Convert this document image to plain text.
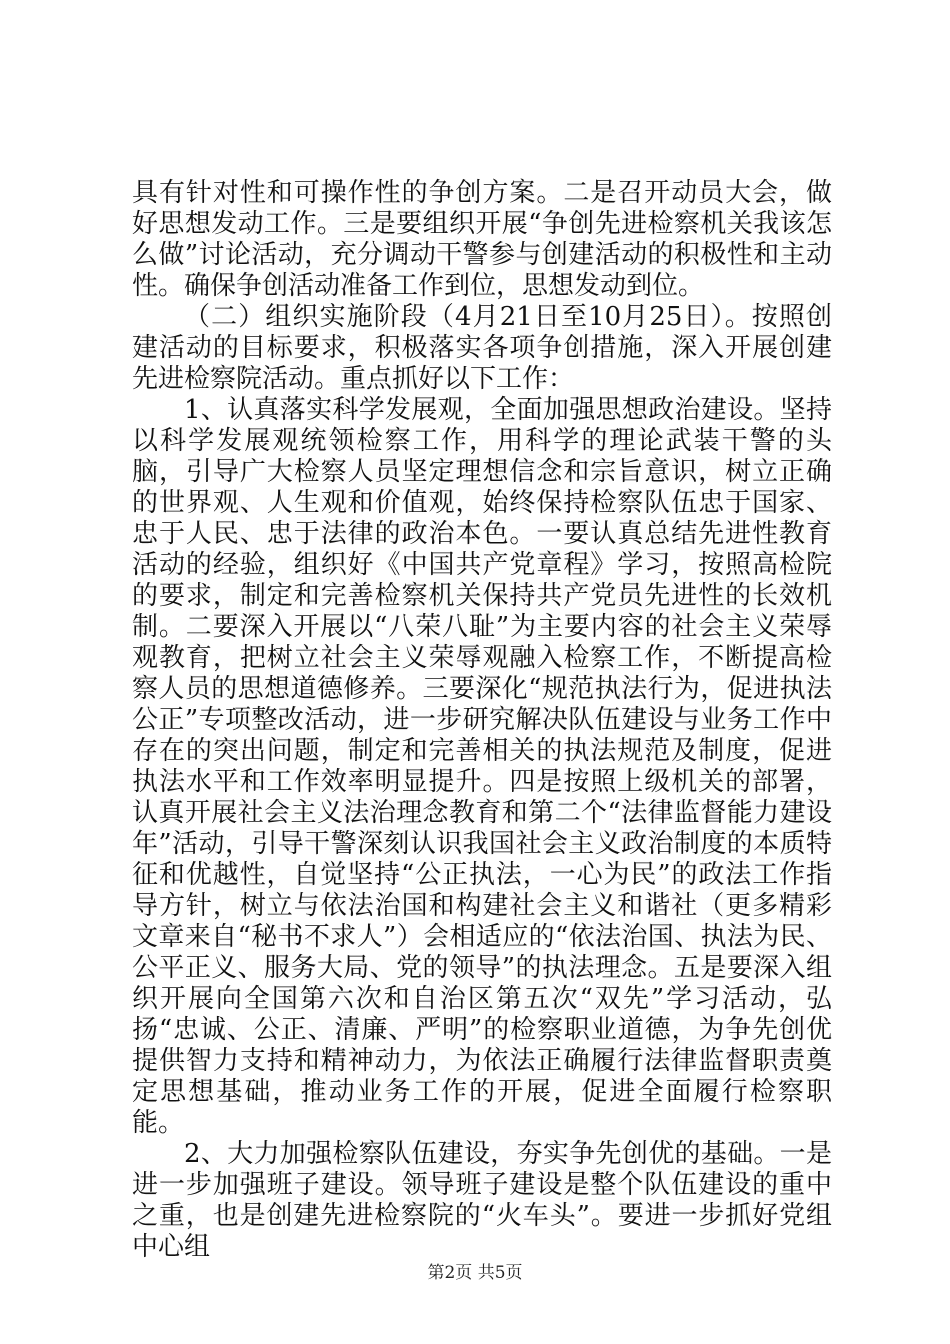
具有针对性和可操作性的争创方案。二是召开动员大会，做好思想发动工作。三是要组织开展“争创先进检察机关我该怎么做”讨论活动，充分调动干警参与创建活动的积极性和主动性。确保争创活动准备工作到位，思想发动到位。

（二）组织实施阶段（4月21日至10月25日）。按照创建活动的目标要求，积极落实各项争创措施，深入开展创建先进检察院活动。重点抓好以下工作：

1、认真落实科学发展观，全面加强思想政治建设。坚持以科学发展观统领检察工作，用科学的理论武装干警的头脑，引导广大检察人员坚定理想信念和宗旨意识，树立正确的世界观、人生观和价值观，始终保持检察队伍忠于国家、忠于人民、忠于法律的政治本色。一要认真总结先进性教育活动的经验，组织好《中国共产党章程》学习，按照高检院的要求，制定和完善检察机关保持共产党员先进性的长效机制。二要深入开展以“八荣八耻”为主要内容的社会主义荣辱观教育，把树立社会主义荣辱观融入检察工作，不断提高检察人员的思想道德修养。三要深化“规范执法行为，促进执法公正”专项整改活动，进一步研究解决队伍建设与业务工作中存在的突出问题，制定和完善相关的执法规范及制度，促进执法水平和工作效率明显提升。四是按照上级机关的部署，认真开展社会主义法治理念教育和第二个“法律监督能力建设年”活动，引导干警深刻认识我国社会主义政治制度的本质特征和优越性，自觉坚持“公正执法，一心为民”的政法工作指导方针，树立与依法治国和构建社会主义和谐社（更多精彩文章来自“秘书不求人”）会相适应的“依法治国、执法为民、公平正义、服务大局、党的领导”的执法理念。五是要深入组织开展向全国第六次和自治区第五次“双先”学习活动，弘扬“忠诚、公正、清廉、严明”的检察职业道德，为争先创优提供智力支持和精神动力，为依法正确履行法律监督职责奠定思想基础，推动业务工作的开展，促进全面履行检察职能。

2、大力加强检察队伍建设，夯实争先创优的基础。一是进一步加强班子建设。领导班子建设是整个队伍建设的重中之重，也是创建先进检察院的“火车头”。要进一步抓好党组中心组

第2页 共5页
